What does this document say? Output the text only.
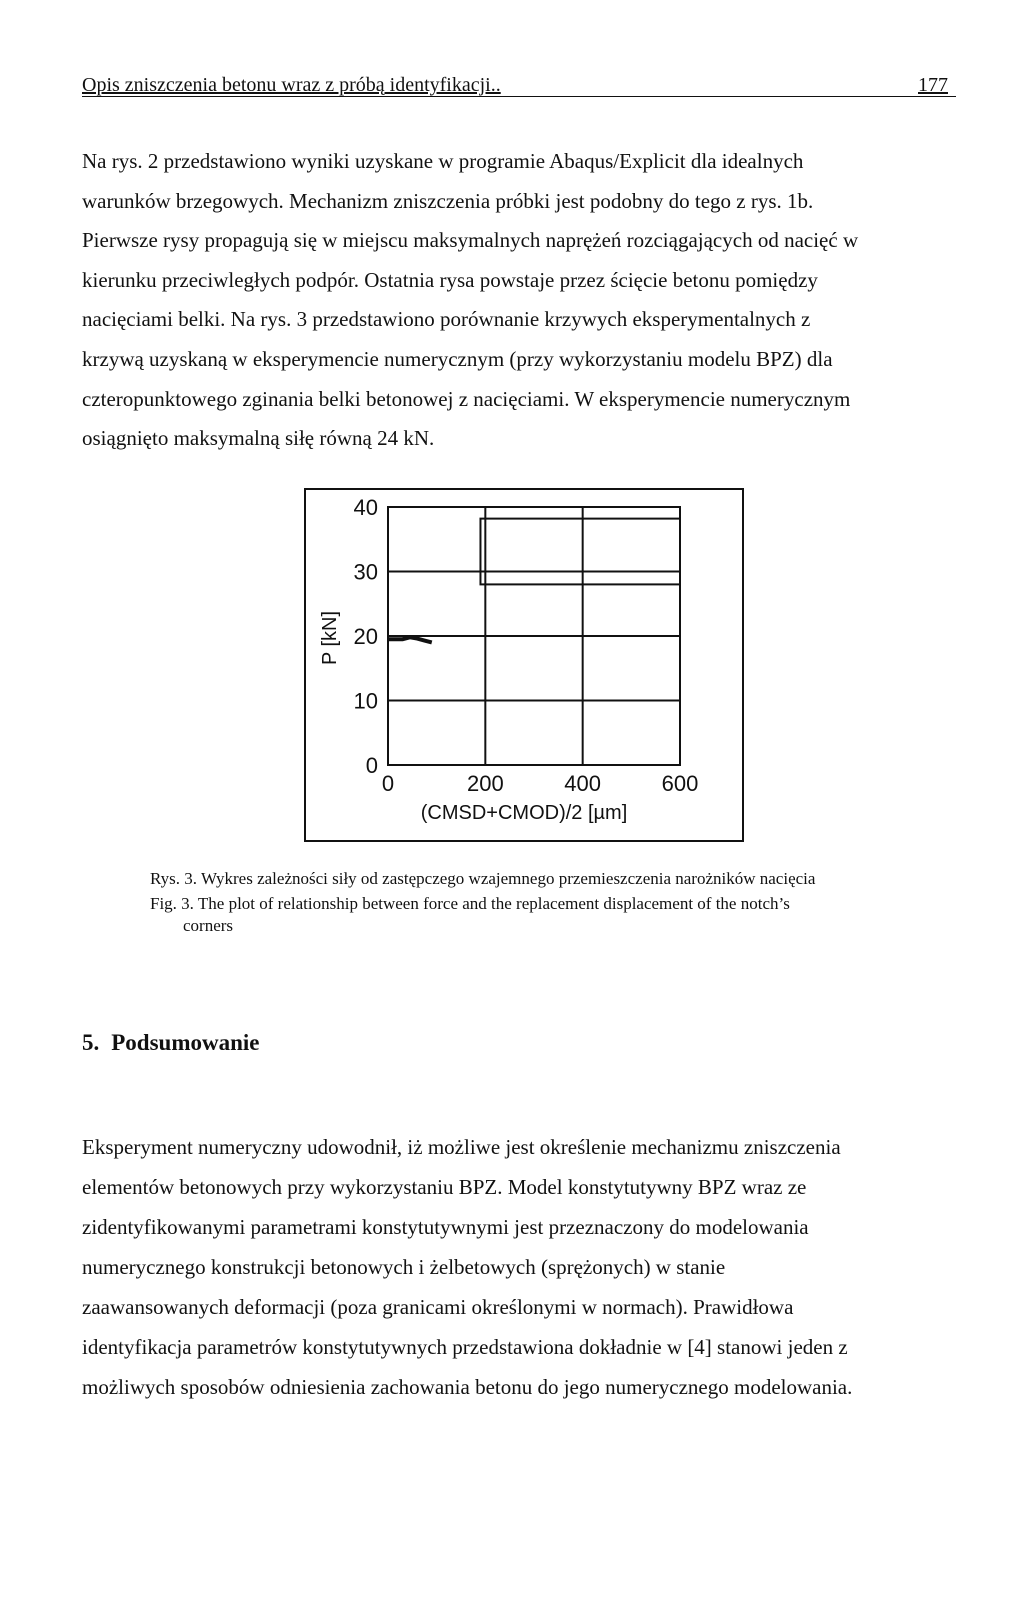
Opis zniszczenia betonu wraz z próbą identyfikacji..	177
Na rys. 2 przedstawiono wyniki uzyskane w programie Abaqus/Explicit dla idealnych
warunków brzegowych. Mechanizm zniszczenia próbki jest podobny do tego z rys. 1b.
Pierwsze rysy propagują się w miejscu maksymalnych naprężeń rozciągających od nacięć w
kierunku przeciwległych podpór. Ostatnia rysa powstaje przez ścięcie betonu pomiędzy
nacięciami belki. Na rys. 3 przedstawiono porównanie krzywych eksperymentalnych z
krzywą uzyskaną w eksperymencie numerycznym (przy wykorzystaniu modelu BPZ) dla
czteropunktowego zginania belki betonowej z nacięciami. W eksperymencie numerycznym
osiągnięto maksymalną siłę równą 24 kN.
0
10
20
30
40
0	200	400	600
(CMSD+CMOD)/2 [µm]
P [kN]
Rys. 3. Wykres zależności siły od zastępczego wzajemnego przemieszczenia narożników nacięcia
Fig. 3. The plot of relationship between force and the replacement displacement of the notch’s
corners
5. Podsumowanie
Eksperyment numeryczny udowodnił, iż możliwe jest określenie mechanizmu zniszczenia
elementów betonowych przy wykorzystaniu BPZ. Model konstytutywny BPZ wraz ze
zidentyfikowanymi parametrami konstytutywnymi jest przeznaczony do modelowania
numerycznego konstrukcji betonowych i żelbetowych (sprężonych) w stanie
zaawansowanych deformacji (poza granicami określonymi w normach). Prawidłowa
identyfikacja parametrów konstytutywnych przedstawiona dokładnie w [4] stanowi jeden z
możliwych sposobów odniesienia zachowania betonu do jego numerycznego modelowania.
